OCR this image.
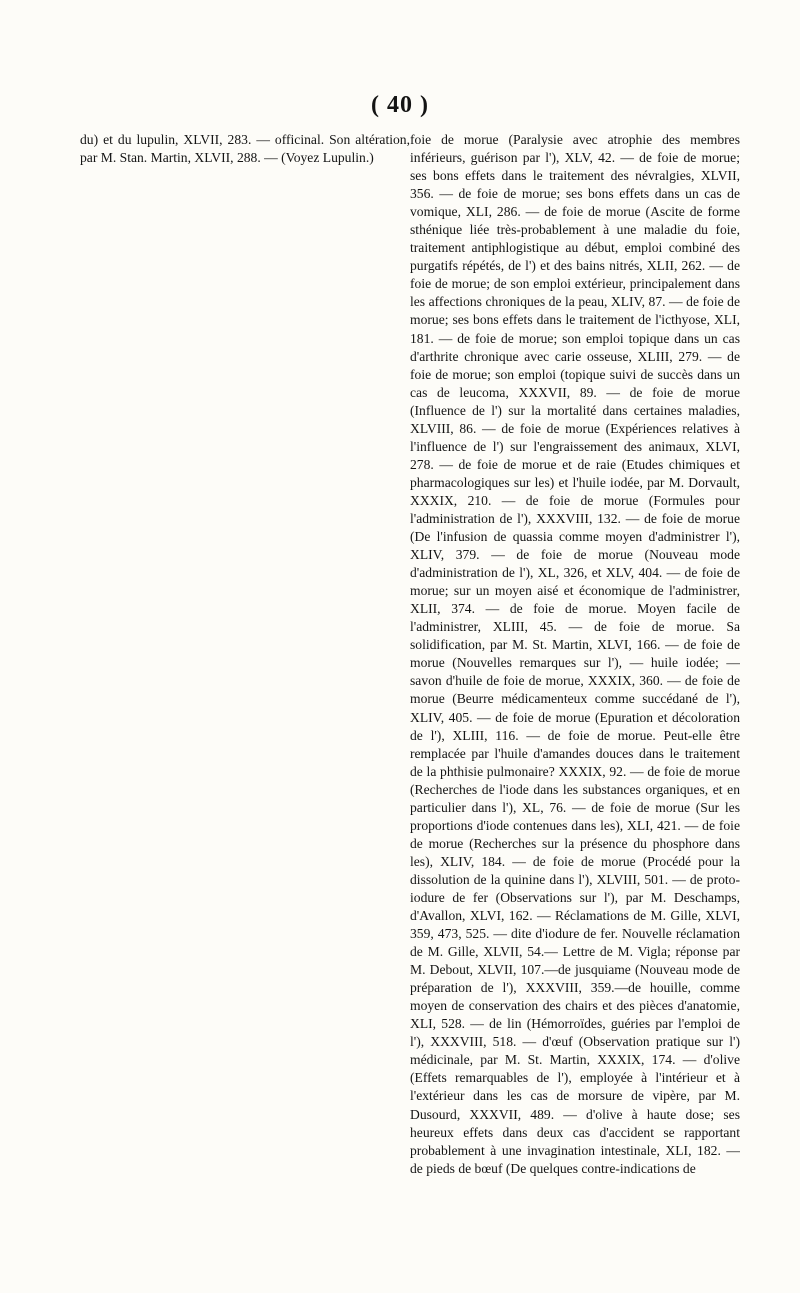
( 40 )

du) et du lupulin, XLVII, 283. — officinal. Son altération, par M. Stan. Martin, XLVII, 288. — (Voyez Lupulin.)

foie de morue (Paralysie avec atrophie des membres inférieurs, guérison par l'), XLV, 42. — de foie de morue; ses bons effets dans le traitement des névralgies, XLVII, 356. — de foie de morue; ses bons effets dans un cas de vomique, XLI, 286. — de foie de morue (Ascite de forme sthénique liée très-probablement à une maladie du foie, traitement antiphlogistique au début, emploi combiné des purgatifs répétés, de l') et des bains nitrés, XLII, 262. — de foie de morue; de son emploi extérieur, principalement dans les affections chroniques de la peau, XLIV, 87. — de foie de morue; ses bons effets dans le traitement de l'icthyose, XLI, 181. — de foie de morue; son emploi topique dans un cas d'arthrite chronique avec carie osseuse, XLIII, 279. — de foie de morue; son emploi (topique suivi de succès dans un cas de leucoma, XXXVII, 89. — de foie de morue (Influence de l') sur la mortalité dans certaines maladies, XLVIII, 86. — de foie de morue (Expériences relatives à l'influence de l') sur l'engraissement des animaux, XLVI, 278. — de foie de morue et de raie (Etudes chimiques et pharmacologiques sur les) et l'huile iodée, par M. Dorvault, XXXIX, 210. — de foie de morue (Formules pour l'administration de l'), XXXVIII, 132. — de foie de morue (De l'infusion de quassia comme moyen d'administrer l'), XLIV, 379. — de foie de morue (Nouveau mode d'administration de l'), XL, 326, et XLV, 404. — de foie de morue; sur un moyen aisé et économique de l'administrer, XLII, 374. — de foie de morue. Moyen facile de l'administrer, XLIII, 45. — de foie de morue. Sa solidification, par M. St. Martin, XLVI, 166. — de foie de morue (Nouvelles remarques sur l'), — huile iodée; — savon d'huile de foie de morue, XXXIX, 360. — de foie de morue (Beurre médicamenteux comme succédané de l'), XLIV, 405. — de foie de morue (Epuration et décoloration de l'), XLIII, 116. — de foie de morue. Peut-elle être remplacée par l'huile d'amandes douces dans le traitement de la phthisie pulmonaire? XXXIX, 92. — de foie de morue (Recherches de l'iode dans les substances organiques, et en particulier dans l'), XL, 76. — de foie de morue (Sur les proportions d'iode contenues dans les), XLI, 421. — de foie de morue (Recherches sur la présence du phosphore dans les), XLIV, 184. — de foie de morue (Procédé pour la dissolution de la quinine dans l'), XLVIII, 501. — de proto-iodure de fer (Observations sur l'), par M. Deschamps, d'Avallon, XLVI, 162. — Réclamations de M. Gille, XLVI, 359, 473, 525. — dite d'iodure de fer. Nouvelle réclamation de M. Gille, XLVII, 54.— Lettre de M. Vigla; réponse par M. Debout, XLVII, 107.—de jusquiame (Nouveau mode de préparation de l'), XXXVIII, 359.—de houille, comme moyen de conservation des chairs et des pièces d'anatomie, XLI, 528. — de lin (Hémorroïdes, guéries par l'emploi de l'), XXXVIII, 518. — d'œuf (Observation pratique sur l') médicinale, par M. St. Martin, XXXIX, 174. — d'olive (Effets remarquables de l'), employée à l'intérieur et à l'extérieur dans les cas de morsure de vipère, par M. Dusourd, XXXVII, 489. — d'olive à haute dose; ses heureux effets dans deux cas d'accident se rapportant probablement à une invagination intestinale, XLI, 182. — de pieds de bœuf (De quelques contre-indications de
